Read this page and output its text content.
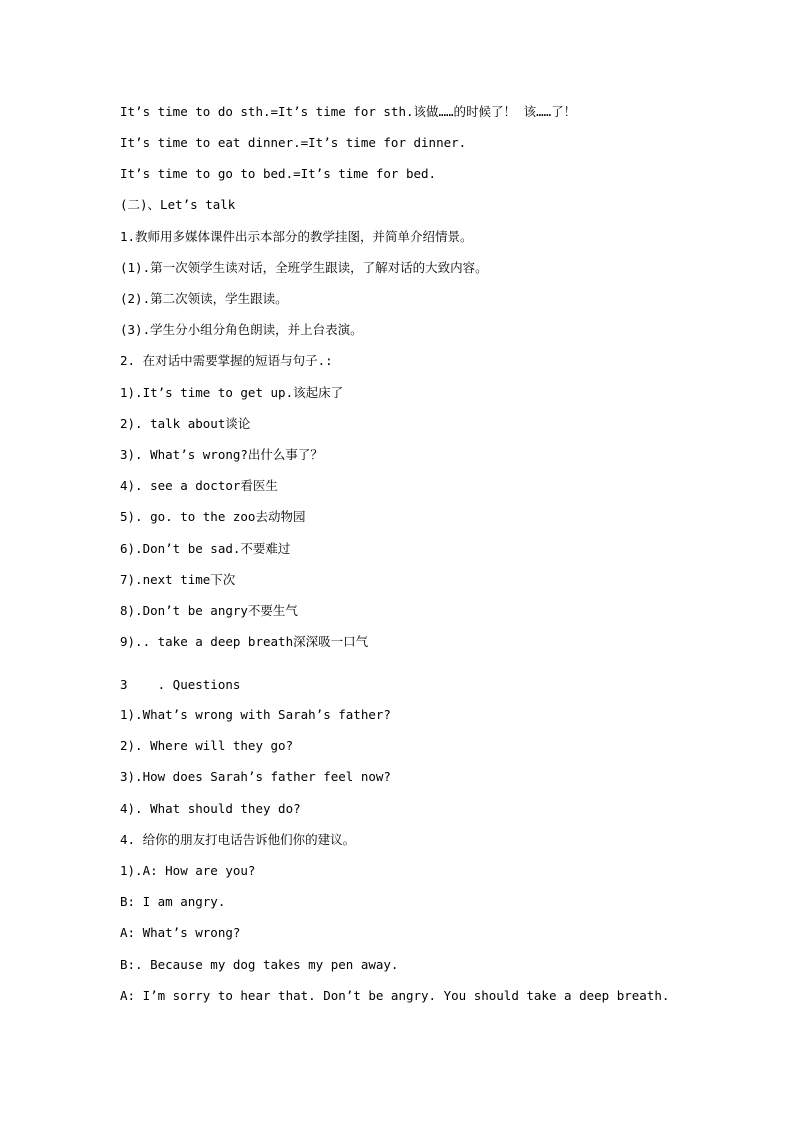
It’s time to do sth.=It’s time for sth.该做……的时候了！ 该……了！
It’s time to eat dinner.=It’s time for dinner.
It’s time to go to bed.=It’s time for bed.
(二)、Let’s talk
1.教师用多媒体课件出示本部分的教学挂图，并简单介绍情景。
(1).第一次领学生读对话，全班学生跟读，了解对话的大致内容。
(2).第二次领读，学生跟读。
(3).学生分小组分角色朗读，并上台表演。
2. 在对话中需要掌握的短语与句子.:
1).It’s time to get up.该起床了
2). talk about谈论
3). What’s wrong?出什么事了？
4). see a doctor看医生
5). go. to the zoo去动物园
6).Don’t be sad.不要难过
7).next time下次
8).Don’t be angry不要生气
9).. take a deep breath深深吸一口气
3    . Questions
1).What’s wrong with Sarah’s father?
2). Where will they go?
3).How does Sarah’s father feel now?
4). What should they do?
4. 给你的朋友打电话告诉他们你的建议。
1).A: How are you?
B: I am angry.
A: What’s wrong?
B:. Because my dog takes my pen away.
A: I’m sorry to hear that. Don’t be angry. You should take a deep breath.
